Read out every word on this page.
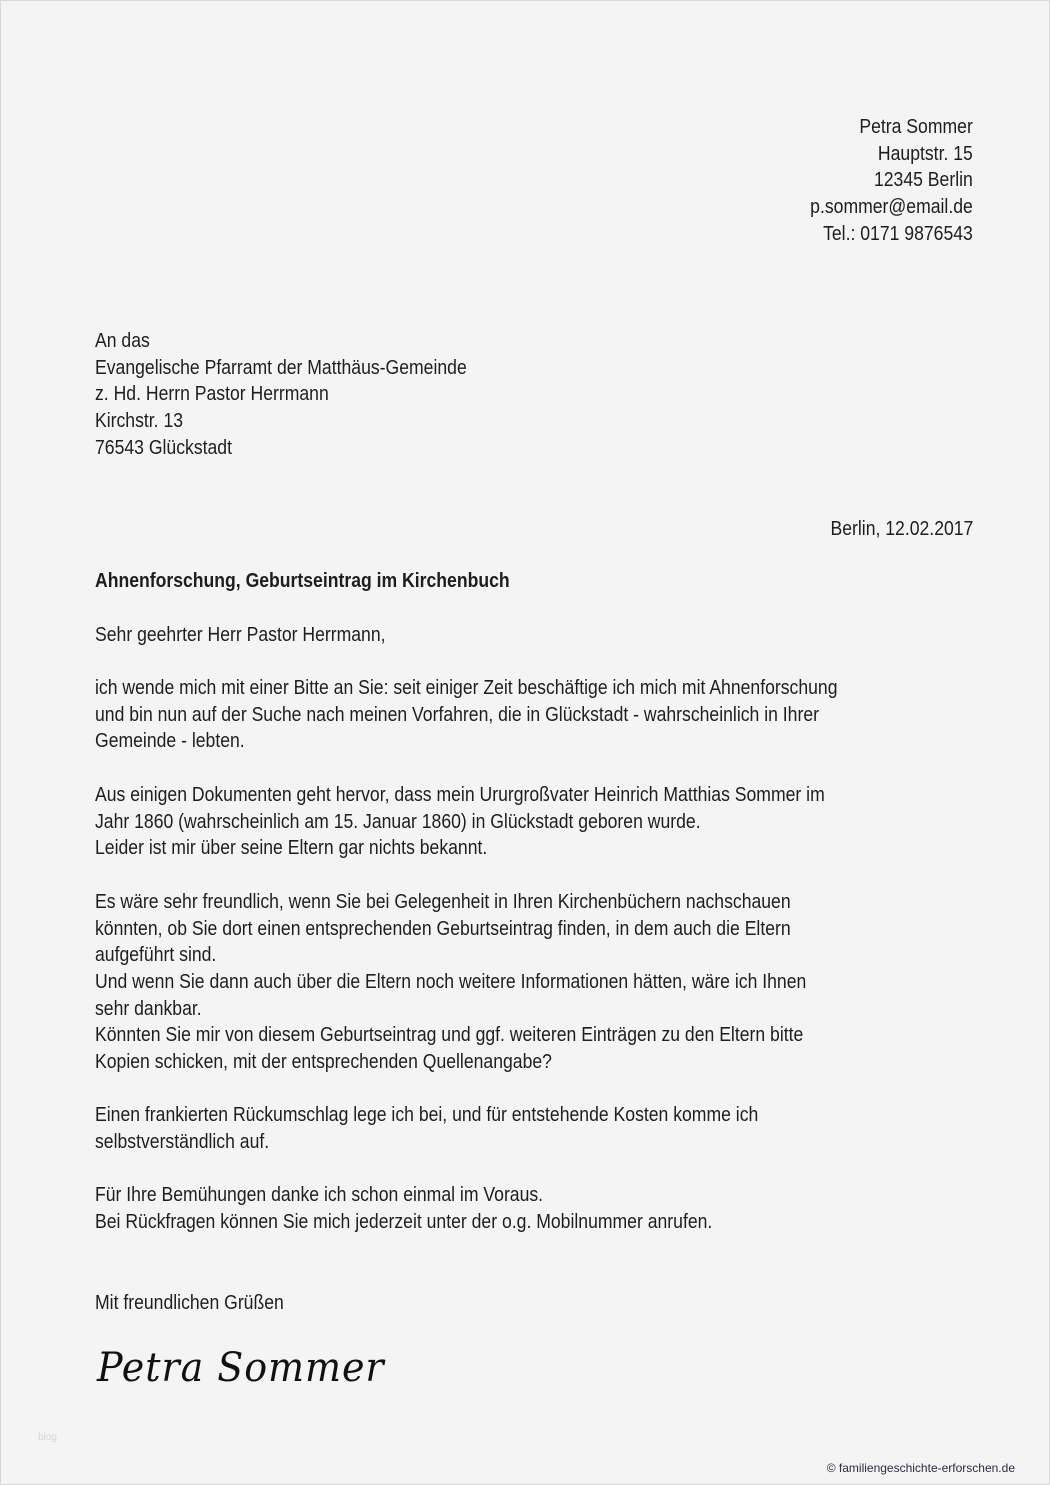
Petra Sommer
Hauptstr. 15
12345 Berlin
p.sommer@email.de
Tel.: 0171 9876543
An das
Evangelische Pfarramt der Matthäus-Gemeinde
z. Hd. Herrn Pastor Herrmann
Kirchstr. 13
76543 Glückstadt
Berlin, 12.02.2017
Ahnenforschung, Geburtseintrag im Kirchenbuch
Sehr geehrter Herr Pastor Herrmann,
ich wende mich mit einer Bitte an Sie: seit einiger Zeit beschäftige ich mich mit Ahnenforschung
und bin nun auf der Suche nach meinen Vorfahren, die in Glückstadt - wahrscheinlich in Ihrer
Gemeinde - lebten.
Aus einigen Dokumenten geht hervor, dass mein Ururgroßvater Heinrich Matthias Sommer im
Jahr 1860 (wahrscheinlich am 15. Januar 1860) in Glückstadt geboren wurde.
Leider ist mir über seine Eltern gar nichts bekannt.
Es wäre sehr freundlich, wenn Sie bei Gelegenheit in Ihren Kirchenbüchern nachschauen
könnten, ob Sie dort einen entsprechenden Geburtseintrag finden, in dem auch die Eltern
aufgeführt sind.
Und wenn Sie dann auch über die Eltern noch weitere Informationen hätten, wäre ich Ihnen
sehr dankbar.
Könnten Sie mir von diesem Geburtseintrag und ggf. weiteren Einträgen zu den Eltern bitte
Kopien schicken, mit der entsprechenden Quellenangabe?
Einen frankierten Rückumschlag lege ich bei, und für entstehende Kosten komme ich
selbstverständlich auf.
Für Ihre Bemühungen danke ich schon einmal im Voraus.
Bei Rückfragen können Sie mich jederzeit unter der o.g. Mobilnummer anrufen.
Mit freundlichen Grüßen
Petra Sommer
blog
© familiengeschichte-erforschen.de
